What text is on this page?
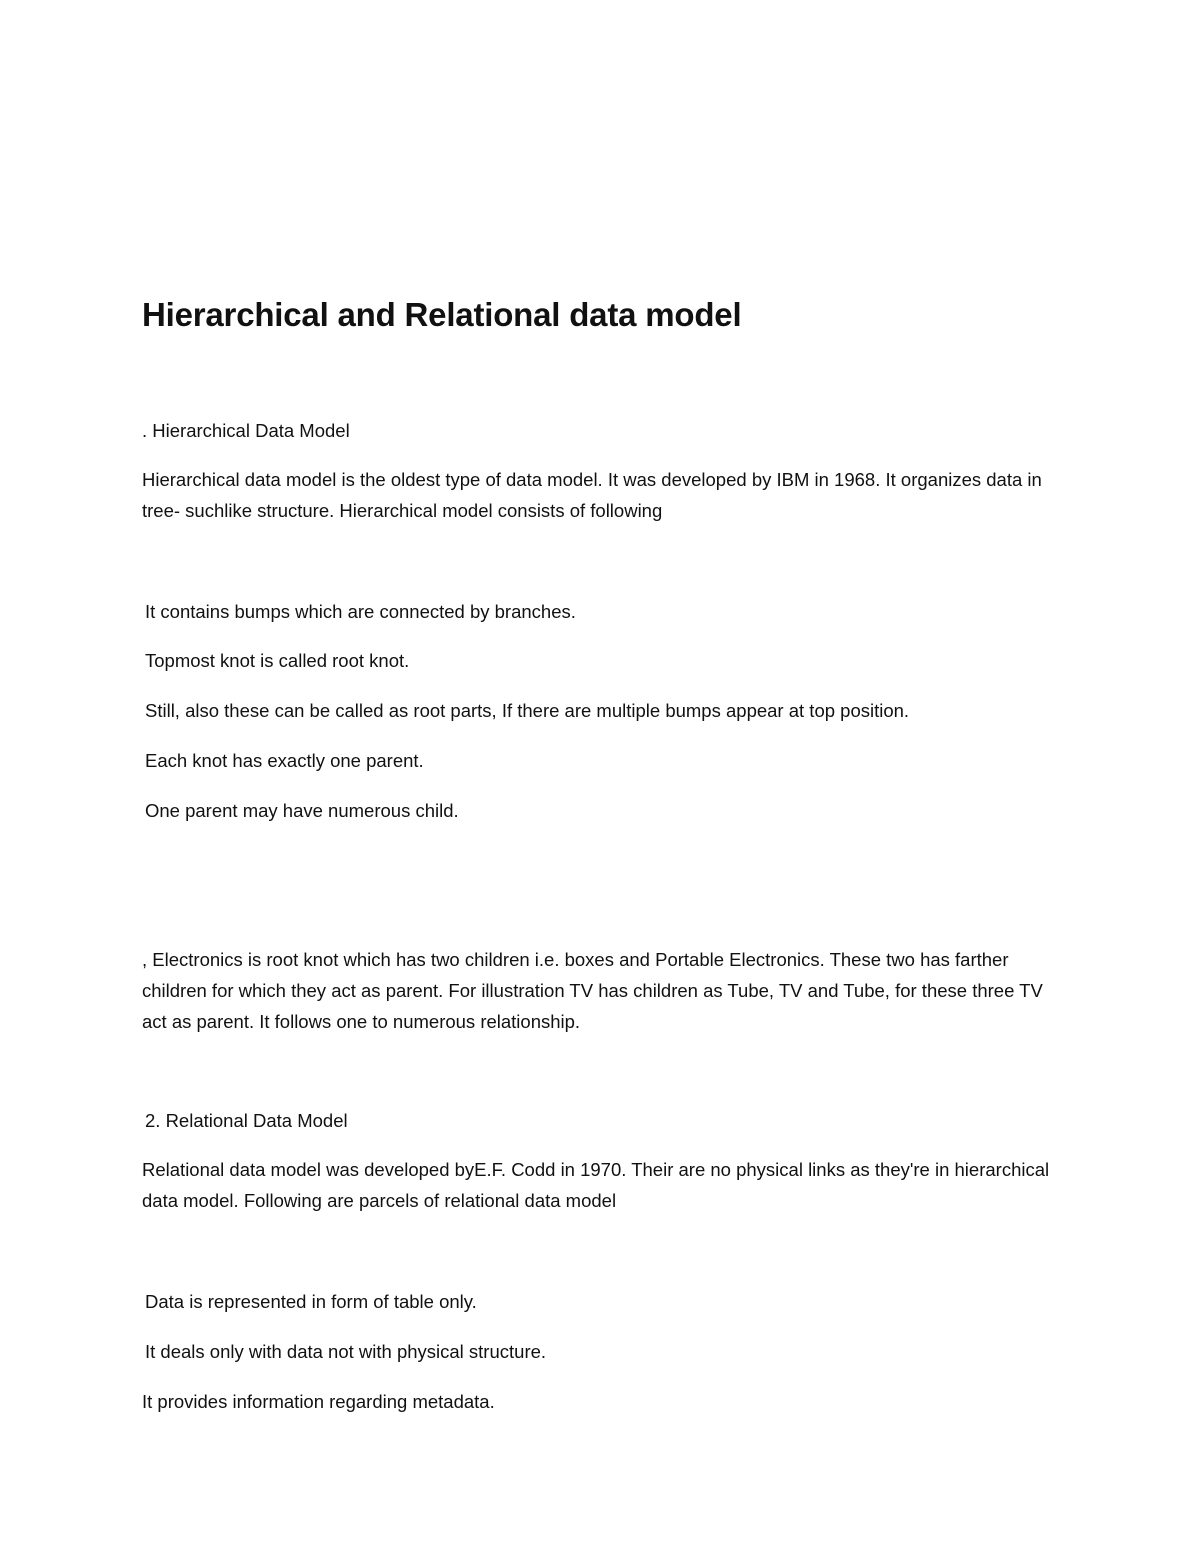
Hierarchical and Relational data model

. Hierarchical Data Model

Hierarchical data model is the oldest type of data model. It was developed by IBM in 1968. It organizes data in tree- suchlike structure. Hierarchical model consists of following

It contains bumps which are connected by branches.

Topmost knot is called root knot.

Still, also these can be called as root parts, If there are multiple bumps appear at top position.

Each knot has exactly one parent.

One parent may have numerous child.

, Electronics is root knot which has two children i.e. boxes and Portable Electronics. These two has farther children for which they act as parent. For illustration TV has children as Tube, TV and Tube, for these three TV act as parent. It follows one to numerous relationship.

2. Relational Data Model

Relational data model was developed byE.F. Codd in 1970. Their are no physical links as they're in hierarchical data model. Following are parcels of relational data model

Data is represented in form of table only.

It deals only with data not with physical structure.

It provides information regarding metadata.
